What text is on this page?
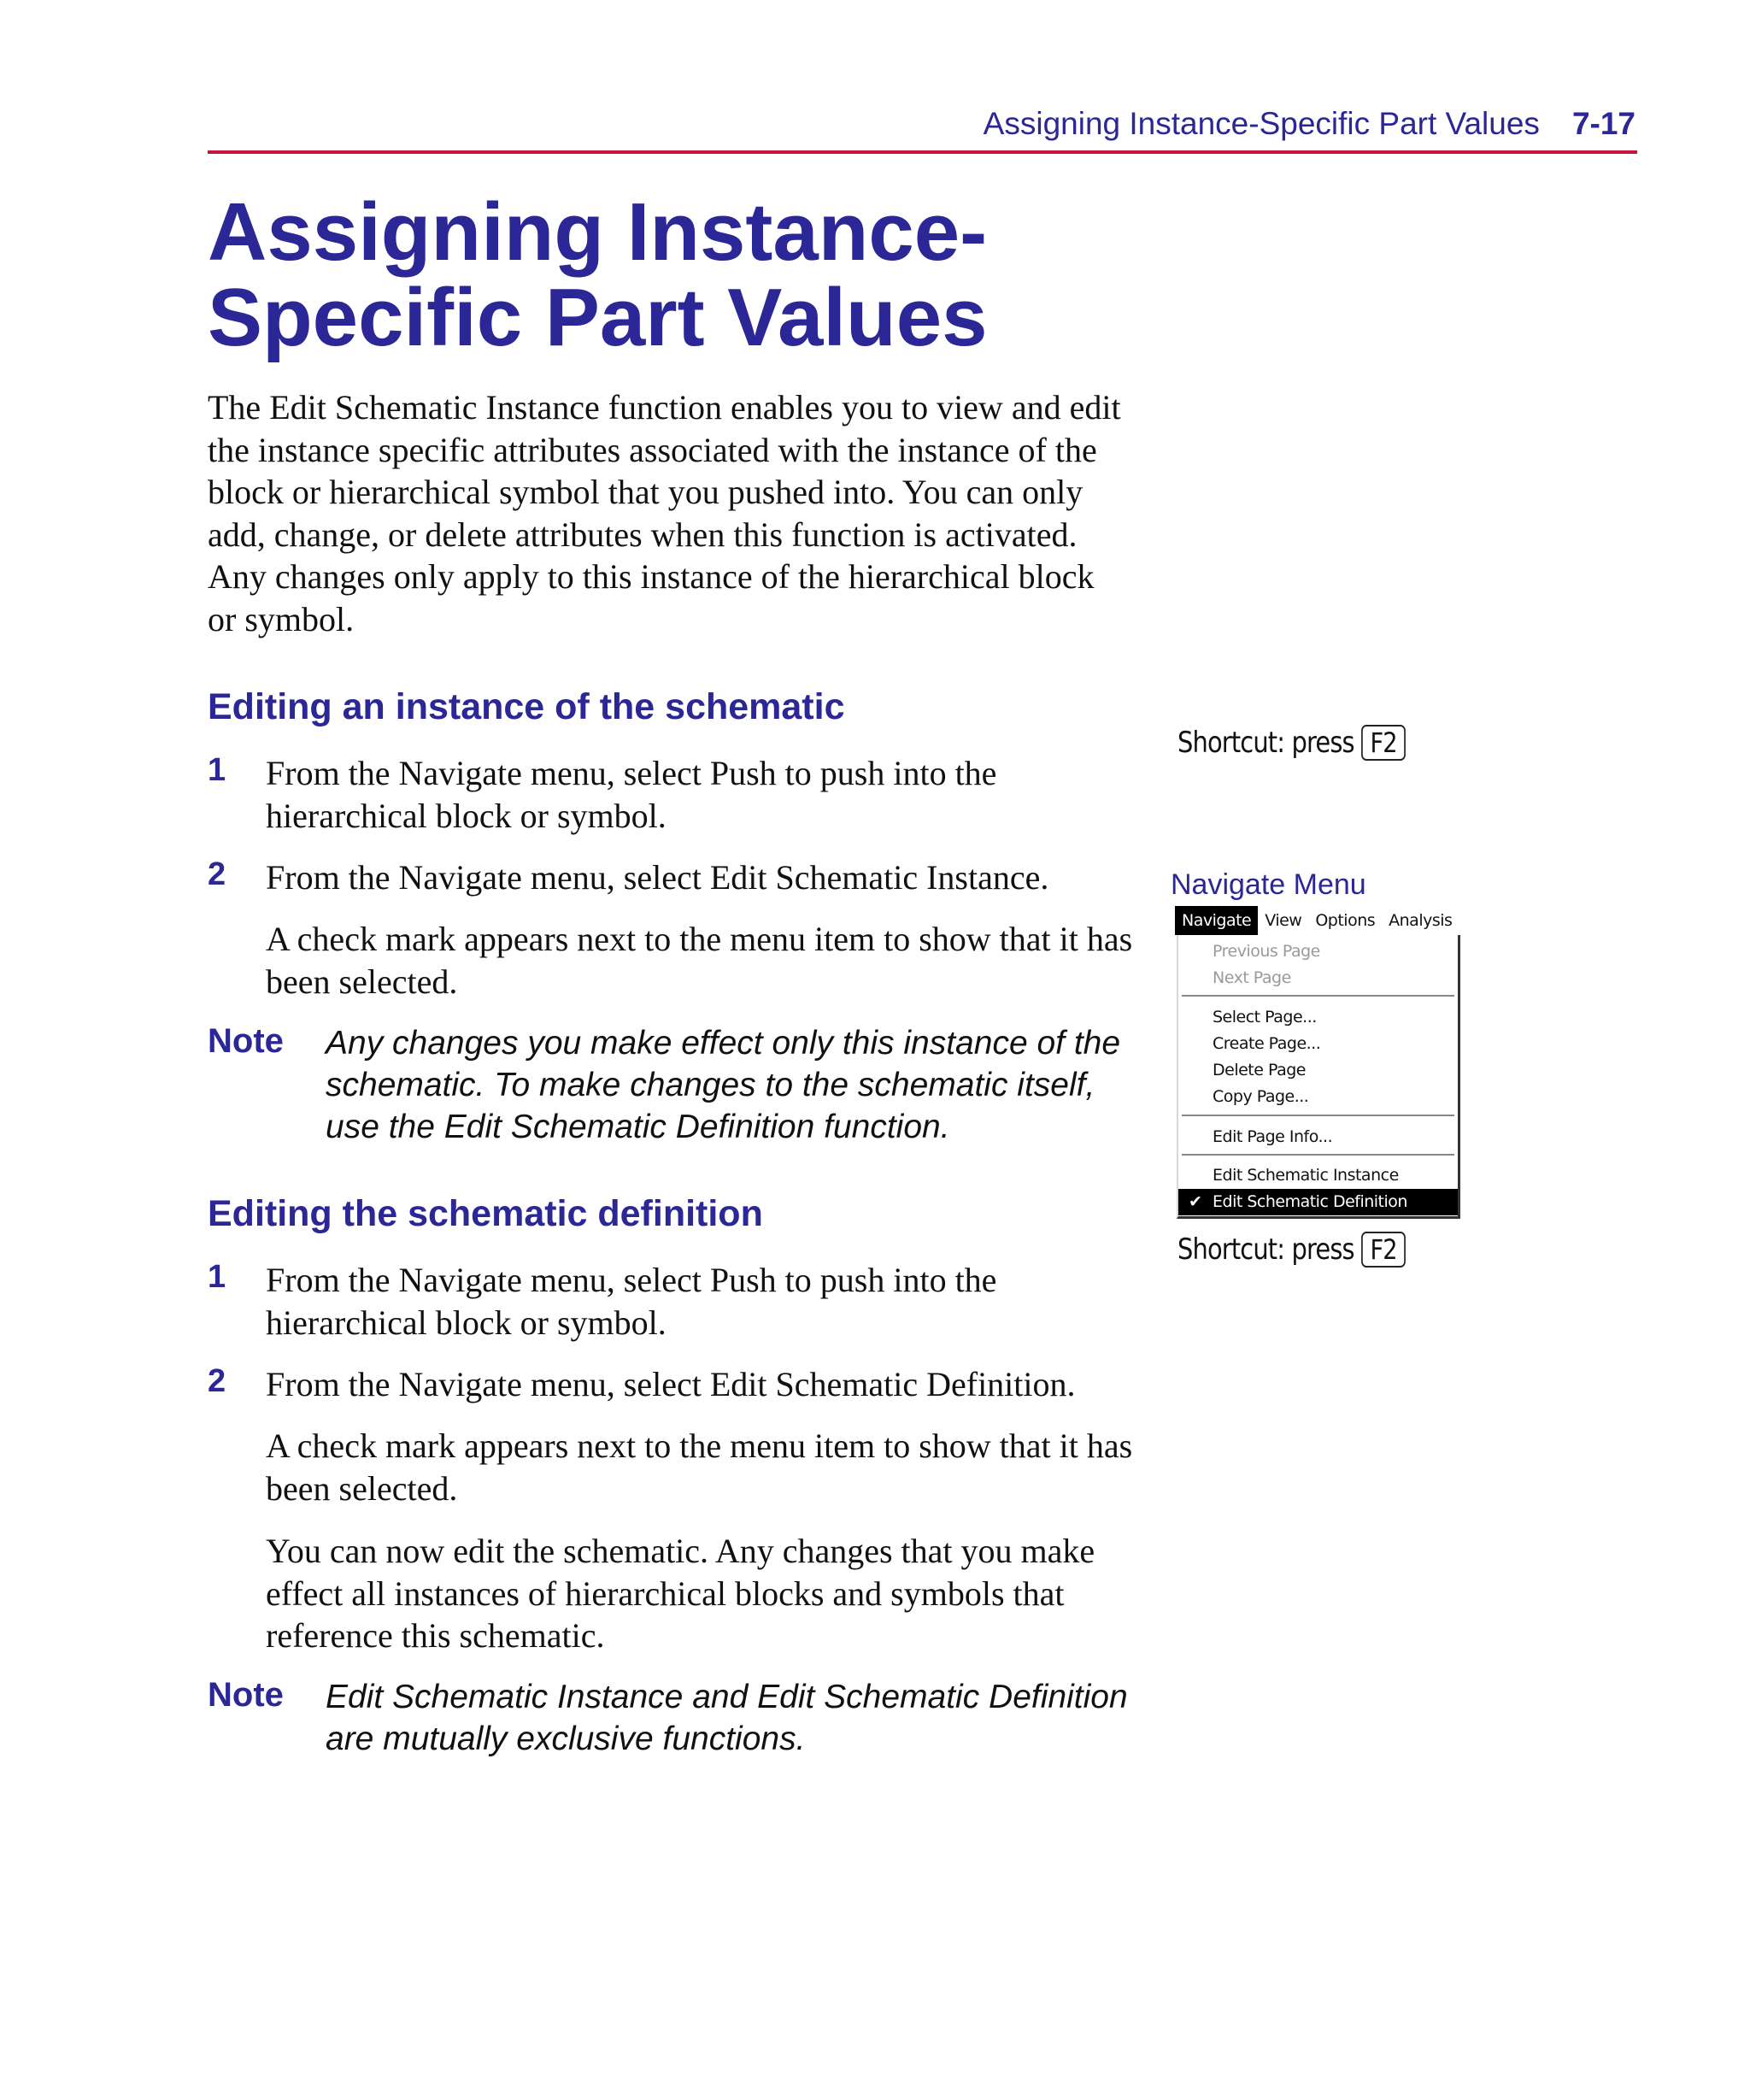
Assigning Instance-Specific Part Values 7-17
Assigning Instance-
Specific Part Values

The Edit Schematic Instance function enables you to view and edit the instance specific attributes associated with the instance of the block or hierarchical symbol that you pushed into. You can only add, change, or delete attributes when this function is activated. Any changes only apply to this instance of the hierarchical block or symbol.

Editing an instance of the schematic
1 From the Navigate menu, select Push to push into the hierarchical block or symbol.

2 From the Navigate menu, select Edit Schematic Instance.

A check mark appears next to the menu item to show that it has been selected.

Note Any changes you make effect only this instance of the schematic. To make changes to the schematic itself, use the Edit Schematic Definition function.

Editing the schematic definition
1 From the Navigate menu, select Push to push into the hierarchical block or symbol.

2 From the Navigate menu, select Edit Schematic Definition.

A check mark appears next to the menu item to show that it has been selected.

You can now edit the schematic. Any changes that you make effect all instances of hierarchical blocks and symbols that reference this schematic.

Note Edit Schematic Instance and Edit Schematic Definition are mutually exclusive functions.

Shortcut: press F2
Navigate Menu
Navigate View Options Analysis
Previous Page
Next Page
Select Page...
Create Page...
Delete Page
Copy Page...
Edit Page Info...
Edit Schematic Instance
✔ Edit Schematic Definition
Shortcut: press F2
